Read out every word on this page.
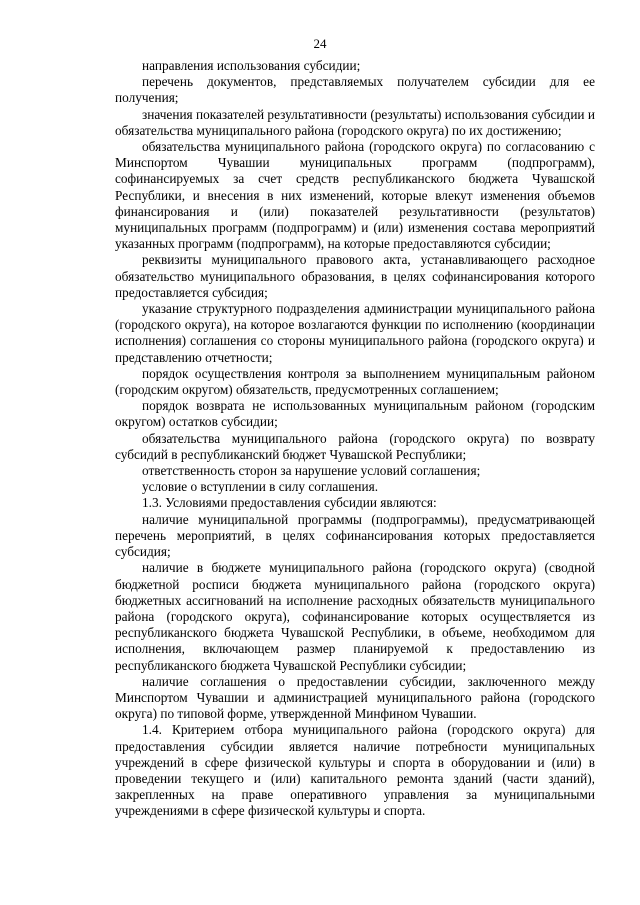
24

направления использования субсидии;

перечень документов, представляемых получателем субсидии для ее получения;

значения показателей результативности (результаты) использования субсидии и обязательства муниципального района (городского округа) по их достижению;

обязательства муниципального района (городского округа) по согласованию с Минспортом Чувашии муниципальных программ (подпрограмм), софинансируемых за счет средств республиканского бюджета Чувашской Республики, и внесения в них изменений, которые влекут изменения объемов финансирования и (или) показателей результативности (результатов) муниципальных программ (подпрограмм) и (или) изменения состава мероприятий указанных программ (подпрограмм), на которые предоставляются субсидии;

реквизиты муниципального правового акта, устанавливающего расходное обязательство муниципального образования, в целях софинансирования которого предоставляется субсидия;

указание структурного подразделения администрации муниципального района (городского округа), на которое возлагаются функции по исполнению (координации исполнения) соглашения со стороны муниципального района (городского округа) и представлению отчетности;

порядок осуществления контроля за выполнением муниципальным районом (городским округом) обязательств, предусмотренных соглашением;

порядок возврата не использованных муниципальным районом (городским округом) остатков субсидии;

обязательства муниципального района (городского округа) по возврату субсидий в республиканский бюджет Чувашской Республики;

ответственность сторон за нарушение условий соглашения;

условие о вступлении в силу соглашения.

1.3. Условиями предоставления субсидии являются:

наличие муниципальной программы (подпрограммы), предусматривающей перечень мероприятий, в целях софинансирования которых предоставляется субсидия;

наличие в бюджете муниципального района (городского округа) (сводной бюджетной росписи бюджета муниципального района (городского округа) бюджетных ассигнований на исполнение расходных обязательств муниципального района (городского округа), софинансирование которых осуществляется из республиканского бюджета Чувашской Республики, в объеме, необходимом для исполнения, включающем размер планируемой к предоставлению из республиканского бюджета Чувашской Республики субсидии;

наличие соглашения о предоставлении субсидии, заключенного между Минспортом Чувашии и администрацией муниципального района (городского округа) по типовой форме, утвержденной Минфином Чувашии.

1.4. Критерием отбора муниципального района (городского округа) для предоставления субсидии является наличие потребности муниципальных учреждений в сфере физической культуры и спорта в оборудовании и (или) в проведении текущего и (или) капитального ремонта зданий (части зданий), закрепленных на праве оперативного управления за муниципальными учреждениями в сфере физической культуры и спорта.
